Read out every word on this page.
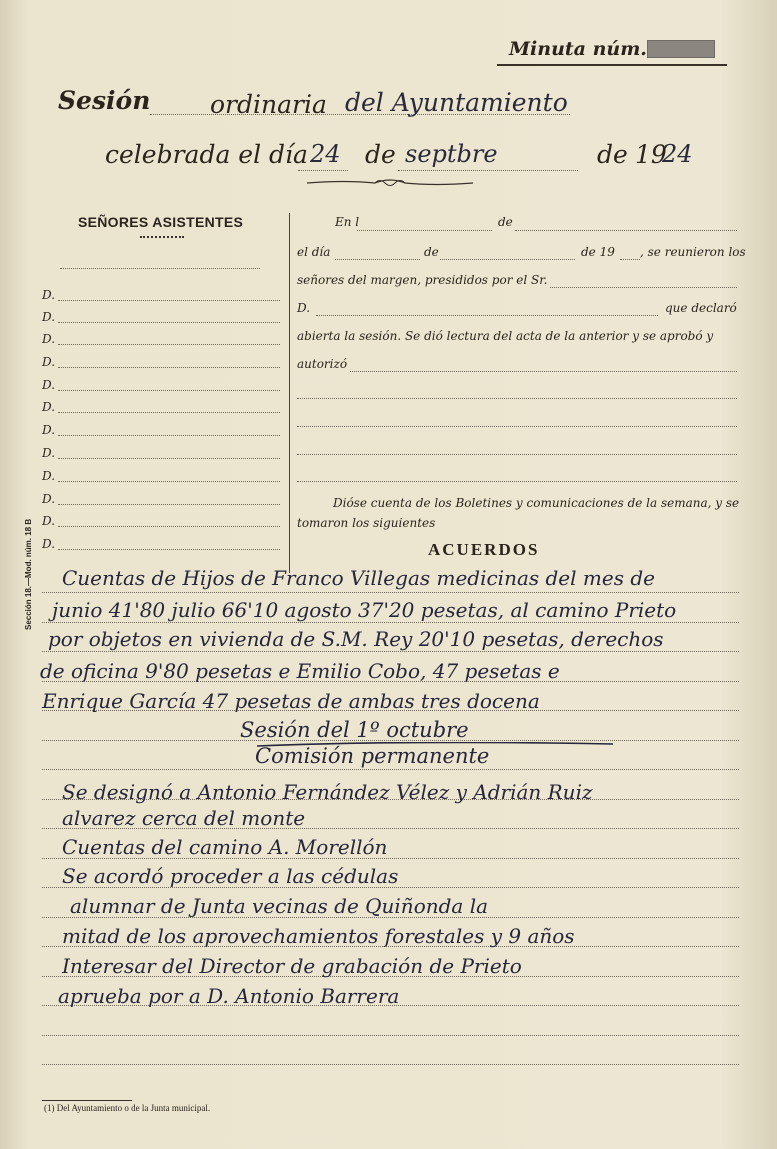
Minuta núm.
Sesión ordinaria del Ayuntamiento
celebrada el día 24 de septbre	de 19
24
SEÑORES ASISTENTES
D.
D.
D.
D.
D.
D.
D.
D.
D.
D.
D.
D.
Sección 18.—Mod. núm. 18 B
En l	de
el día	de	de 19 , se reunieron los
señores del margen, presididos por el Sr.
D.	que declaró
abierta la sesión. Se dió lectura del acta de la anterior y se aprobó y
autorizó
Dióse cuenta de los Boletines y comunicaciones de la semana, y se
tomaron los siguientes
ACUERDOS
Cuentas de Hijos de Franco Villegas medicinas del mes de
junio 41'80 julio 66'10 agosto 37'20 pesetas, al camino Prieto
por objetos en vivienda de S.M. Rey 20'10 pesetas, derechos
de oficina 9'80 pesetas e Emilio Cobo, 47 pesetas e
Enrique García 47 pesetas de ambas tres docena
Sesión del 1º octubre
Comisión permanente
Se designó a Antonio Fernández Vélez y Adrián Ruiz
alvarez cerca del monte
Cuentas del camino A. Morellón
Se acordó proceder a las cédulas
alumnar de Junta vecinas de Quiñonda la
mitad de los aprovechamientos forestales y 9 años
Interesar del Director de grabación de Prieto
aprueba por a D. Antonio Barrera
(1) Del Ayuntamiento o de la Junta municipal.
